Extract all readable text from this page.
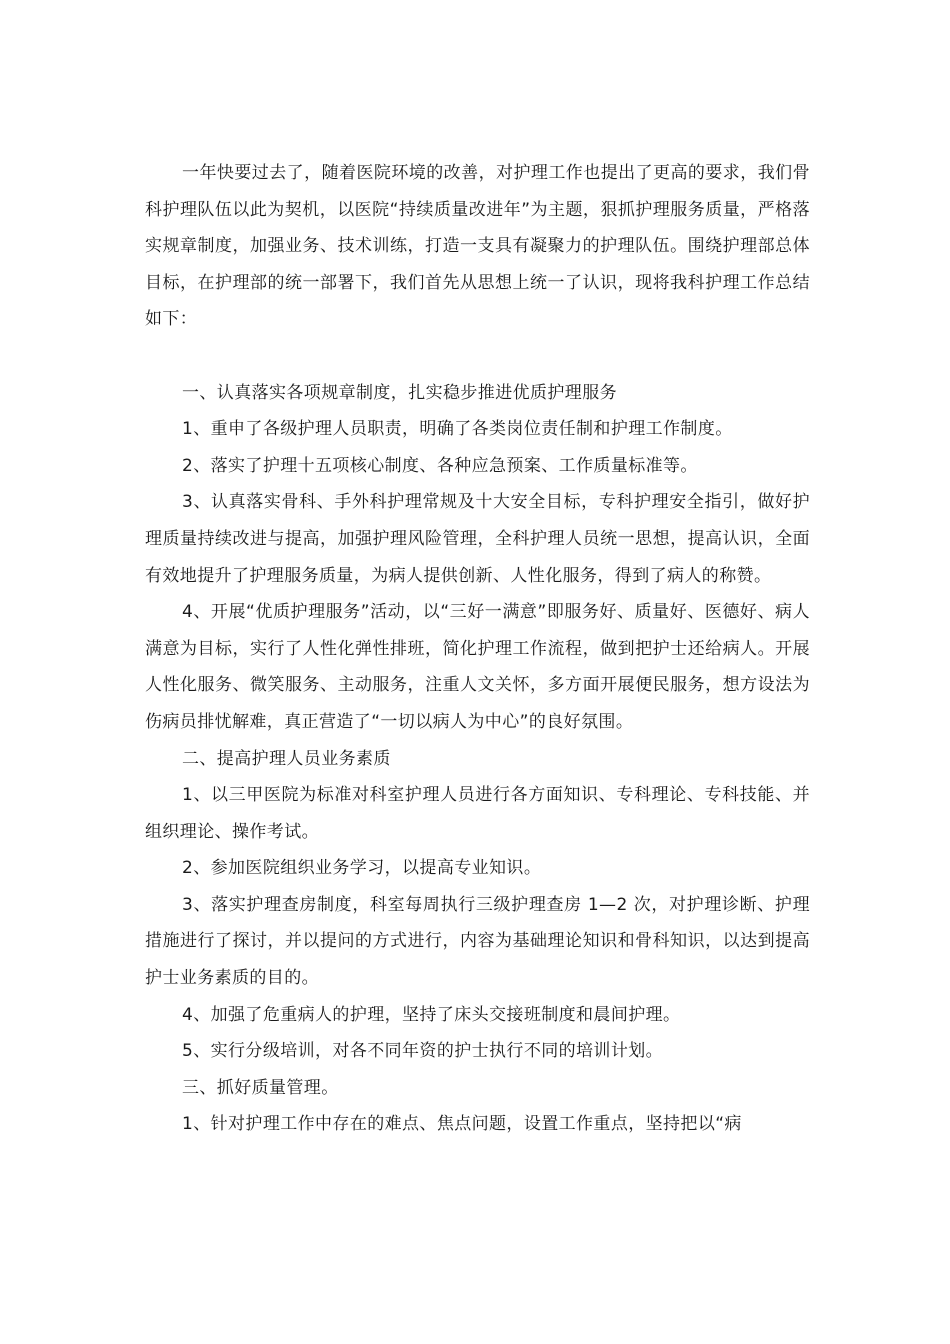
一年快要过去了，随着医院环境的改善，对护理工作也提出了更高的要求，我们骨科护理队伍以此为契机，以医院“持续质量改进年”为主题，狠抓护理服务质量，严格落实规章制度，加强业务、技术训练，打造一支具有凝聚力的护理队伍。围绕护理部总体目标，在护理部的统一部署下，我们首先从思想上统一了认识，现将我科护理工作总结如下：

一、认真落实各项规章制度，扎实稳步推进优质护理服务

1、重申了各级护理人员职责，明确了各类岗位责任制和护理工作制度。

2、落实了护理十五项核心制度、各种应急预案、工作质量标准等。

3、认真落实骨科、手外科护理常规及十大安全目标，专科护理安全指引，做好护理质量持续改进与提高，加强护理风险管理，全科护理人员统一思想，提高认识，全面有效地提升了护理服务质量，为病人提供创新、人性化服务，得到了病人的称赞。

4、开展“优质护理服务”活动，以“三好一满意”即服务好、质量好、医德好、病人满意为目标，实行了人性化弹性排班，简化护理工作流程，做到把护士还给病人。开展人性化服务、微笑服务、主动服务，注重人文关怀，多方面开展便民服务，想方设法为伤病员排忧解难，真正营造了“一切以病人为中心”的良好氛围。

二、提高护理人员业务素质

1、以三甲医院为标准对科室护理人员进行各方面知识、专科理论、专科技能、并组织理论、操作考试。

2、参加医院组织业务学习，以提高专业知识。

3、落实护理查房制度，科室每周执行三级护理查房 1—2 次，对护理诊断、护理措施进行了探讨，并以提问的方式进行，内容为基础理论知识和骨科知识，以达到提高护士业务素质的目的。

4、加强了危重病人的护理，坚持了床头交接班制度和晨间护理。

5、实行分级培训，对各不同年资的护士执行不同的培训计划。

三、抓好质量管理。

1、针对护理工作中存在的难点、焦点问题，设置工作重点，坚持把以“病
